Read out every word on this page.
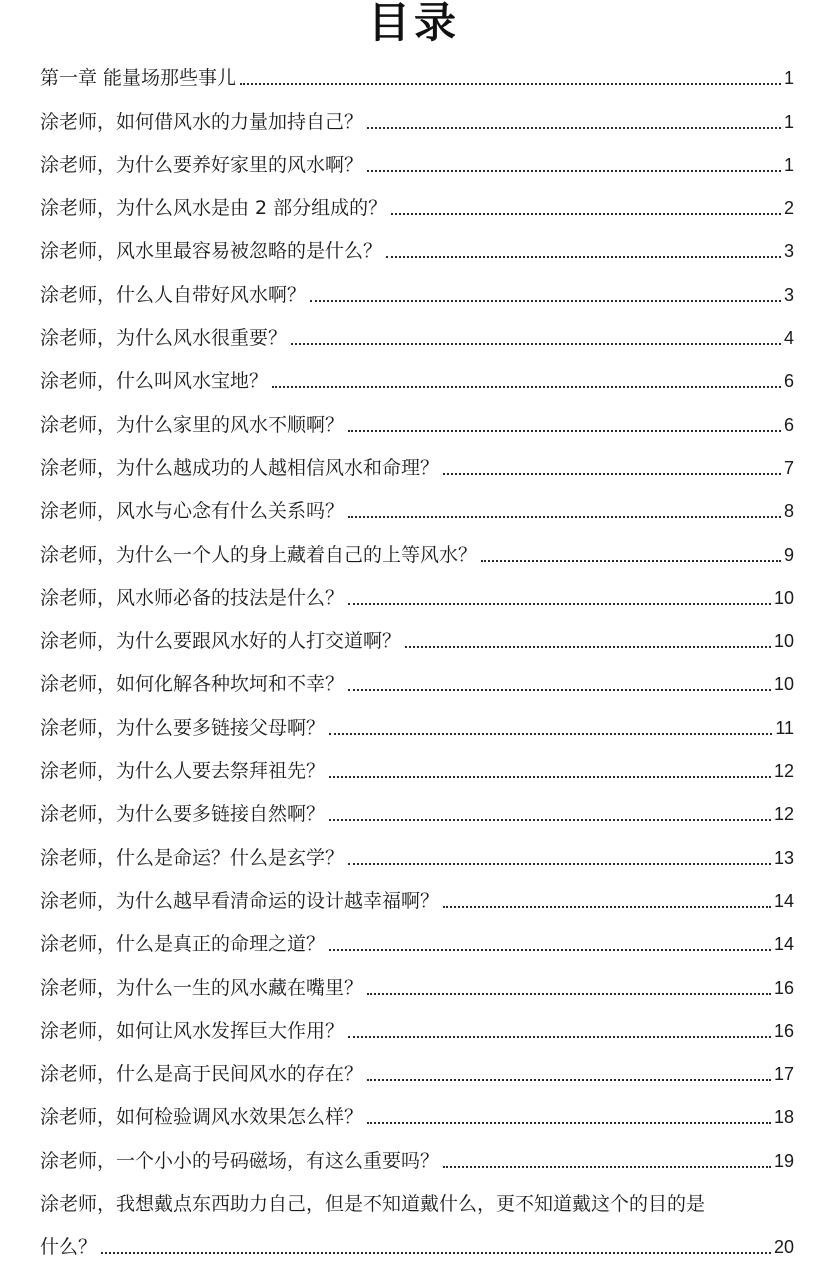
目录
第一章 能量场那些事儿	1
涂老师，如何借风水的力量加持自己？	1
涂老师，为什么要养好家里的风水啊？	1
涂老师，为什么风水是由 2 部分组成的？	2
涂老师，风水里最容易被忽略的是什么？	3
涂老师，什么人自带好风水啊？	3
涂老师，为什么风水很重要？	4
涂老师，什么叫风水宝地？	6
涂老师，为什么家里的风水不顺啊？	6
涂老师，为什么越成功的人越相信风水和命理？	7
涂老师，风水与心念有什么关系吗？	8
涂老师，为什么一个人的身上藏着自己的上等风水？	9
涂老师，风水师必备的技法是什么？	10
涂老师，为什么要跟风水好的人打交道啊？	10
涂老师，如何化解各种坎坷和不幸？	10
涂老师，为什么要多链接父母啊？	11
涂老师，为什么人要去祭拜祖先？	12
涂老师，为什么要多链接自然啊？	12
涂老师，什么是命运？什么是玄学？	13
涂老师，为什么越早看清命运的设计越幸福啊？	14
涂老师，什么是真正的命理之道？	14
涂老师，为什么一生的风水藏在嘴里？	16
涂老师，如何让风水发挥巨大作用？	16
涂老师，什么是高于民间风水的存在？	17
涂老师，如何检验调风水效果怎么样？	18
涂老师，一个小小的号码磁场，有这么重要吗？	19
涂老师，我想戴点东西助力自己，但是不知道戴什么，更不知道戴这个的目的是
什么？	20
